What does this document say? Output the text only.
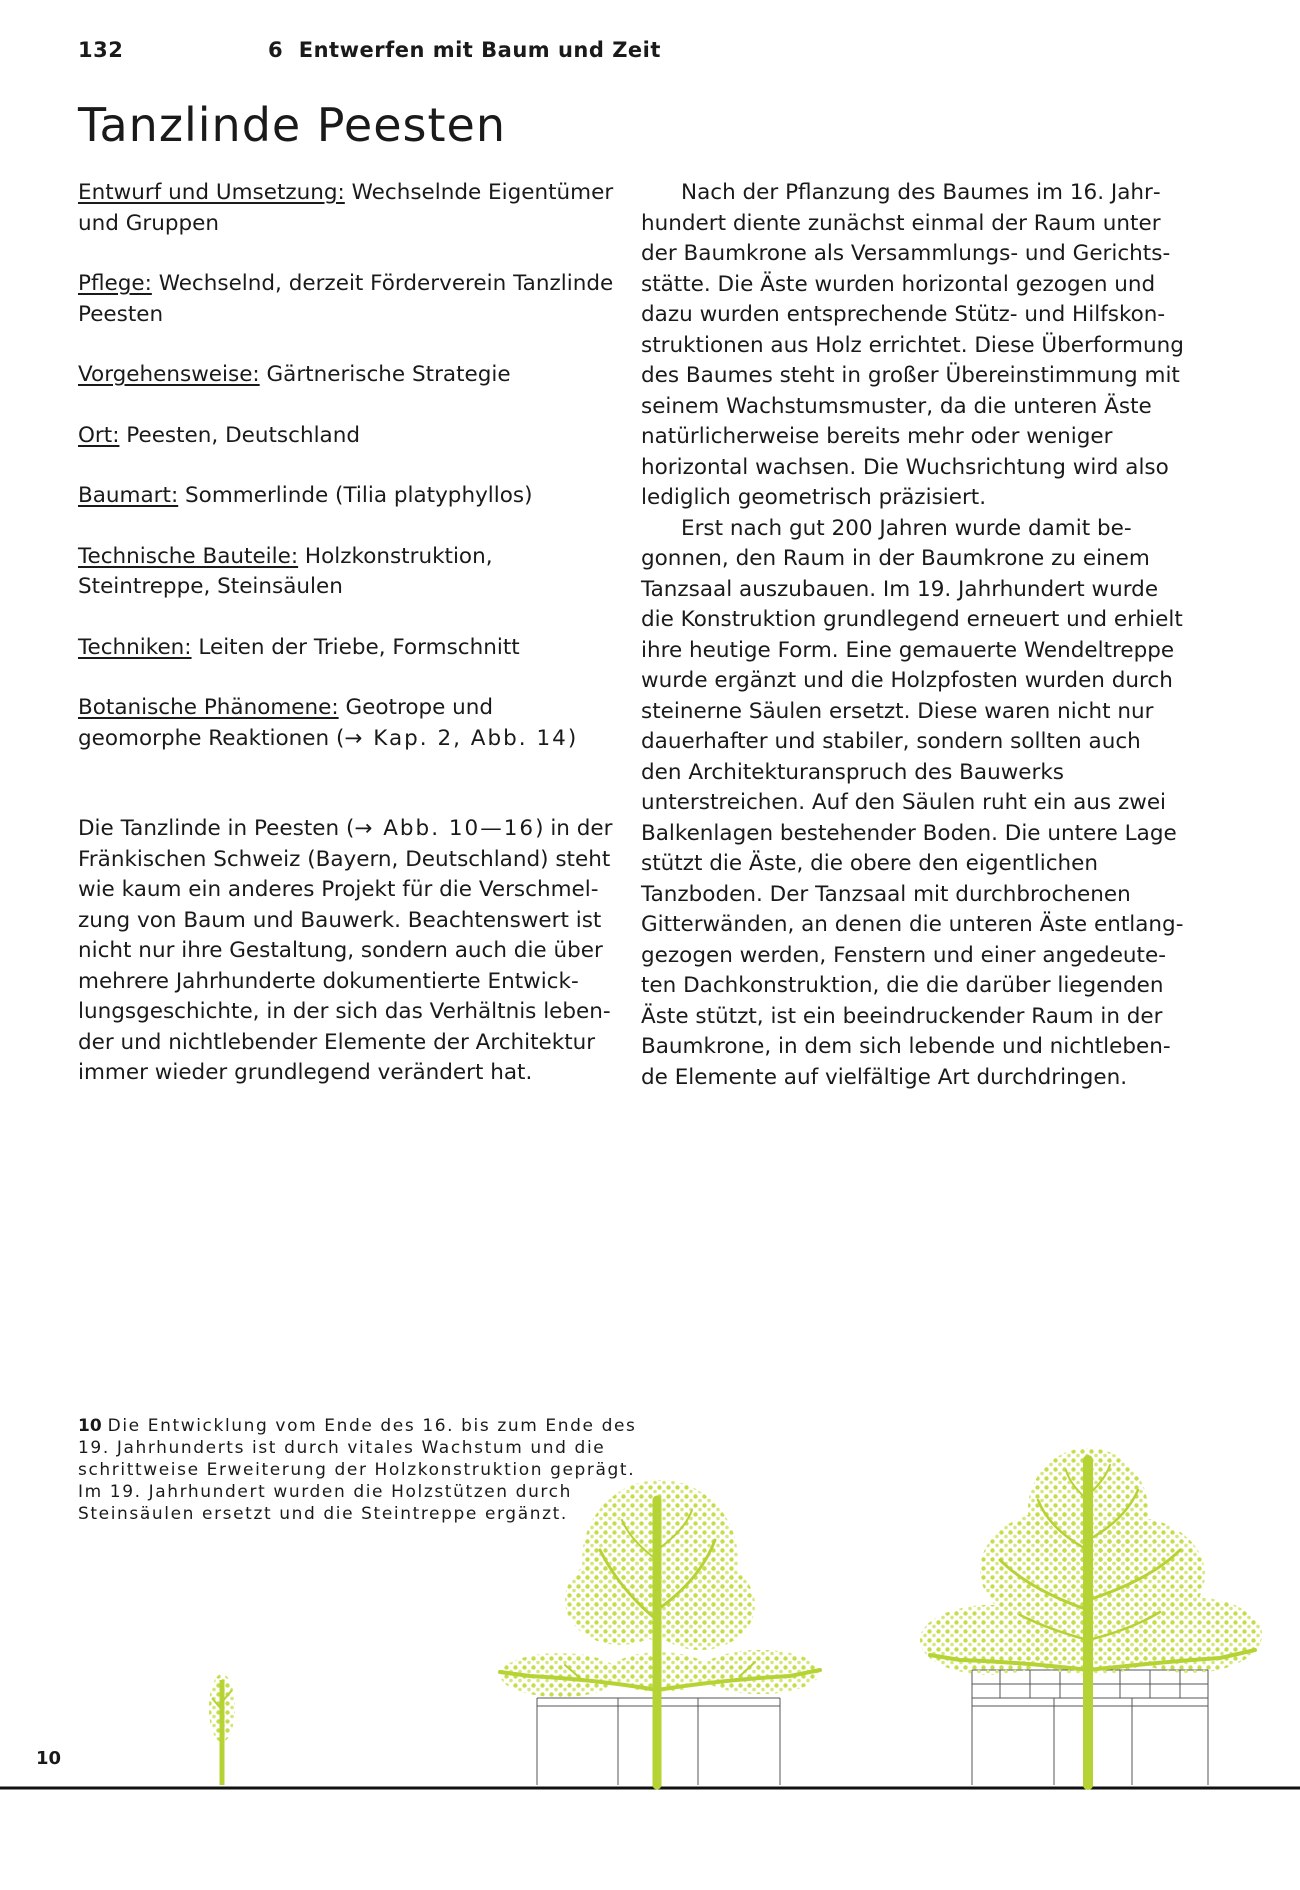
132	6  Entwerfen mit Baum und Zeit
Tanzlinde Peesten

Entwurf und Umsetzung: Wechselnde Eigentümer und Gruppen

Pflege: Wechselnd, derzeit Förderverein Tanzlinde Peesten

Vorgehensweise: Gärtnerische Strategie

Ort: Peesten, Deutschland

Baumart: Sommerlinde (Tilia platyphyllos)

Technische Bauteile: Holzkonstruktion, Steintreppe, Steinsäulen

Techniken: Leiten der Triebe, Formschnitt

Botanische Phänomene: Geotrope und geomorphe Reaktionen (→ Kap. 2, Abb. 14)

Die Tanzlinde in Peesten (→ Abb. 10—16) in der Fränkischen Schweiz (Bayern, Deutschland) steht wie kaum ein anderes Projekt für die Verschmelzung von Baum und Bauwerk. Beachtenswert ist nicht nur ihre Gestaltung, sondern auch die über mehrere Jahrhunderte dokumentierte Entwicklungsgeschichte, in der sich das Verhältnis lebender und nichtlebender Elemente der Architektur immer wieder grundlegend verändert hat.

Nach der Pflanzung des Baumes im 16. Jahrhundert diente zunächst einmal der Raum unter der Baumkrone als Versammlungs- und Gerichtsstätte. Die Äste wurden horizontal gezogen und dazu wurden entsprechende Stütz- und Hilfskonstruktionen aus Holz errichtet. Diese Überformung des Baumes steht in großer Übereinstimmung mit seinem Wachstumsmuster, da die unteren Äste natürlicherweise bereits mehr oder weniger horizontal wachsen. Die Wuchsrichtung wird also lediglich geometrisch präzisiert.

Erst nach gut 200 Jahren wurde damit begonnen, den Raum in der Baumkrone zu einem Tanzsaal auszubauen. Im 19. Jahrhundert wurde die Konstruktion grundlegend erneuert und erhielt ihre heutige Form. Eine gemauerte Wendeltreppe wurde ergänzt und die Holzpfosten wurden durch steinerne Säulen ersetzt. Diese waren nicht nur dauerhafter und stabiler, sondern sollten auch den Architekturanspruch des Bauwerks unterstreichen. Auf den Säulen ruht ein aus zwei Balkenlagen bestehender Boden. Die untere Lage stützt die Äste, die obere den eigentlichen Tanzboden. Der Tanzsaal mit durchbrochenen Gitterwänden, an denen die unteren Äste entlanggezogen werden, Fenstern und einer angedeuteten Dachkonstruktion, die die darüber liegenden Äste stützt, ist ein beeindruckender Raum in der Baumkrone, in dem sich lebende und nichtlebende Elemente auf vielfältige Art durchdringen.

10 Die Entwicklung vom Ende des 16. bis zum Ende des 19. Jahrhunderts ist durch vitales Wachstum und die schrittweise Erweiterung der Holzkonstruktion geprägt. Im 19. Jahrhundert wurden die Holzstützen durch Steinsäulen ersetzt und die Steintreppe ergänzt.
10
